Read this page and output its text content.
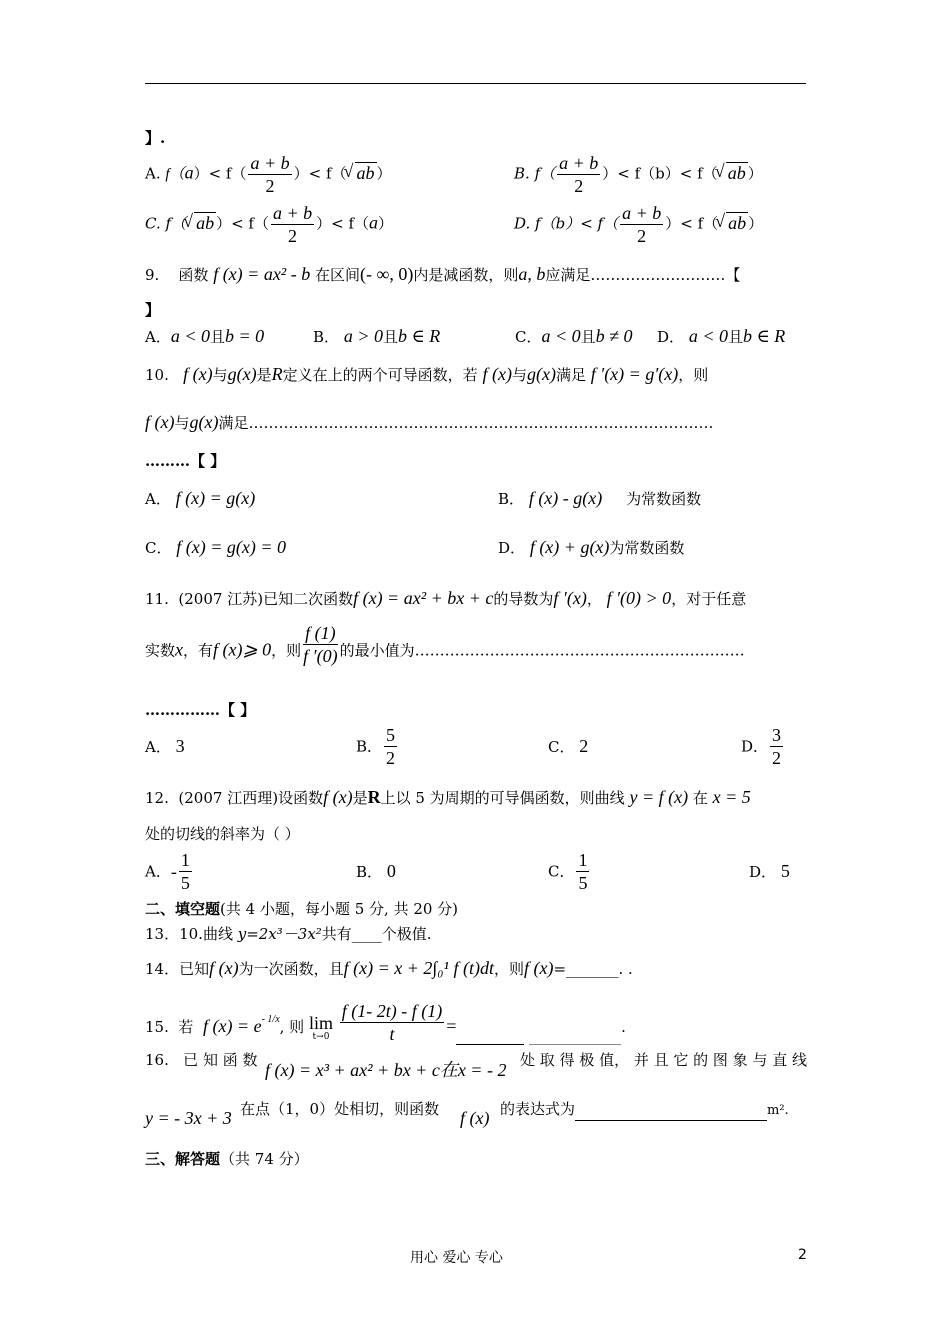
】.
A. $f(a)< f( \frac{a + b}{2}$ ）< f（ √ ab ）	B. $f( \frac{a + b}{2}$ ）< f（b）< f（ √ ab ）
C. f（ √ ab ）< $f( \frac{a + b}{2}$ ）< f（a）	D. $f(b)< f( \frac{a + b}{2}$ ）< f（ √ ab ）
9. 函数 f (x) = ax² - b 在区间(- ∞, 0)内是减函数，则a, b应满足………………………【
】
A．a < 0且b = 0	B． a > 0且b ∈ R	C．a < 0且b ≠ 0 D． a < 0且b ∈ R
10. f (x)与g(x)是R定义在上的两个可导函数，若 f (x)与g(x)满足 f ′(x) = g′(x)，则
f (x)与g(x)满足…………………………………………………………………………………
………【 】
A． f (x) = g(x)	B． f (x) - g(x) 为常数函数
C． f (x) = g(x) = 0	D． f (x) + g(x)为常数函数
11. (2007 江苏)已知二次函数f (x) = ax² + bx + c的导数为f ′(x)， f ′(0) > 0，对于任意
实数x，有f (x)⩾ 0，则 $\frac{f (1)}{f '(0)}$ 的最小值为…………………………………………………………
……………【 】
A． 3	B． $\frac{5}{2}$	C． 2	D． $\frac{3}{2}$
12. (2007 江西理)设函数f (x)是R上以 5 为周期的可导偶函数，则曲线 y = f (x) 在 x = 5
处的切线的斜率为（ ）
A．- $\frac{1}{5}$	B． 0	C． $\frac{1}{5}$	D． 5
二、填空题(共 4 小题，每小题 5 分, 共 20 分)
13．10.曲线 y=2x³－3x²共有____个极值.
14．已知f (x)为一次函数，且f (x) = x + 2∫₀¹ f (t)dt，则f (x)=_______. .
15. 若 f $(x) = e^{- 1/x}$, 则 lim
t→0
$\frac{f (1- 2t) - f (1)}{t}$ =	.
16. 已 知 函 数 f (x) = x³ + ax² + bx + c在x = - 2 处 取 得 极 值， 并 且 它 的 图 象 与 直 线
y = - 3x + 3 在点（1，0）处相切，则函数 f (x) 的表达式为	m².
三、解答题（共 74 分）
用心 爱心 专心	2
